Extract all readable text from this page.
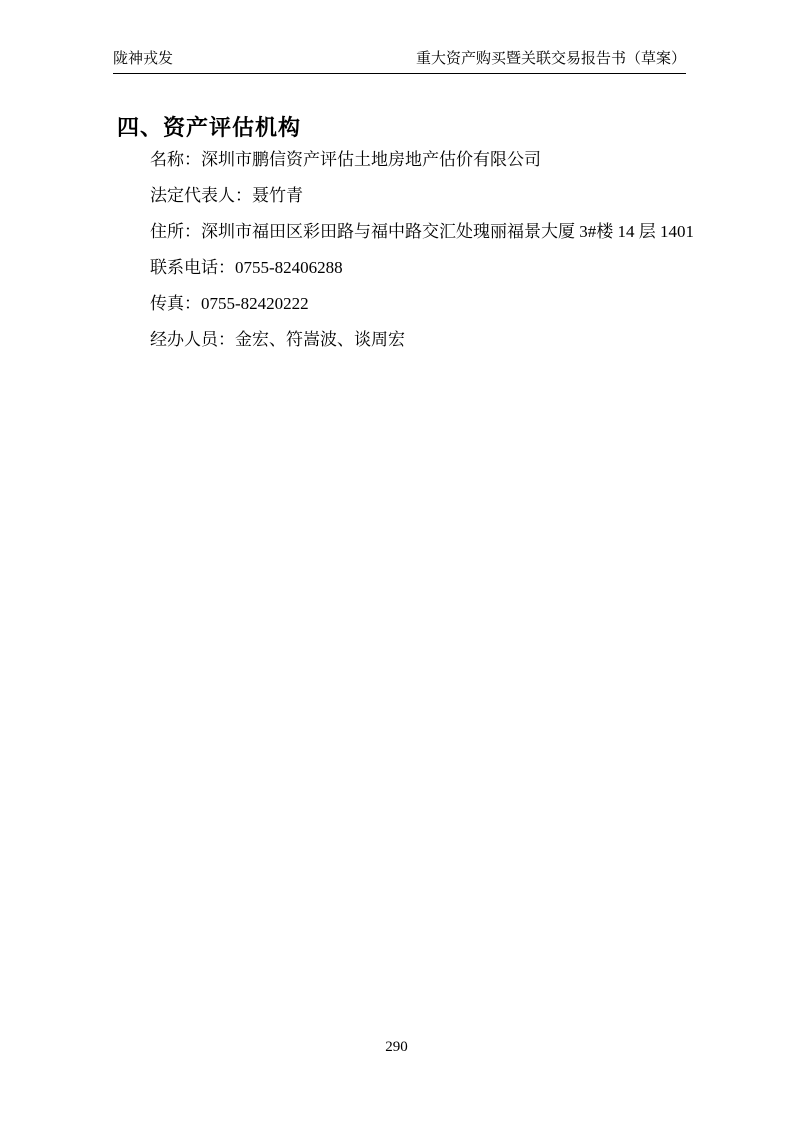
陇神戎发	重大资产购买暨关联交易报告书（草案）
四、资产评估机构

名称：深圳市鹏信资产评估土地房地产估价有限公司

法定代表人：聂竹青

住所：深圳市福田区彩田路与福中路交汇处瑰丽福景大厦 3#楼 14 层 1401

联系电话：0755-82406288

传真：0755-82420222

经办人员：金宏、符嵩波、谈周宏

290
